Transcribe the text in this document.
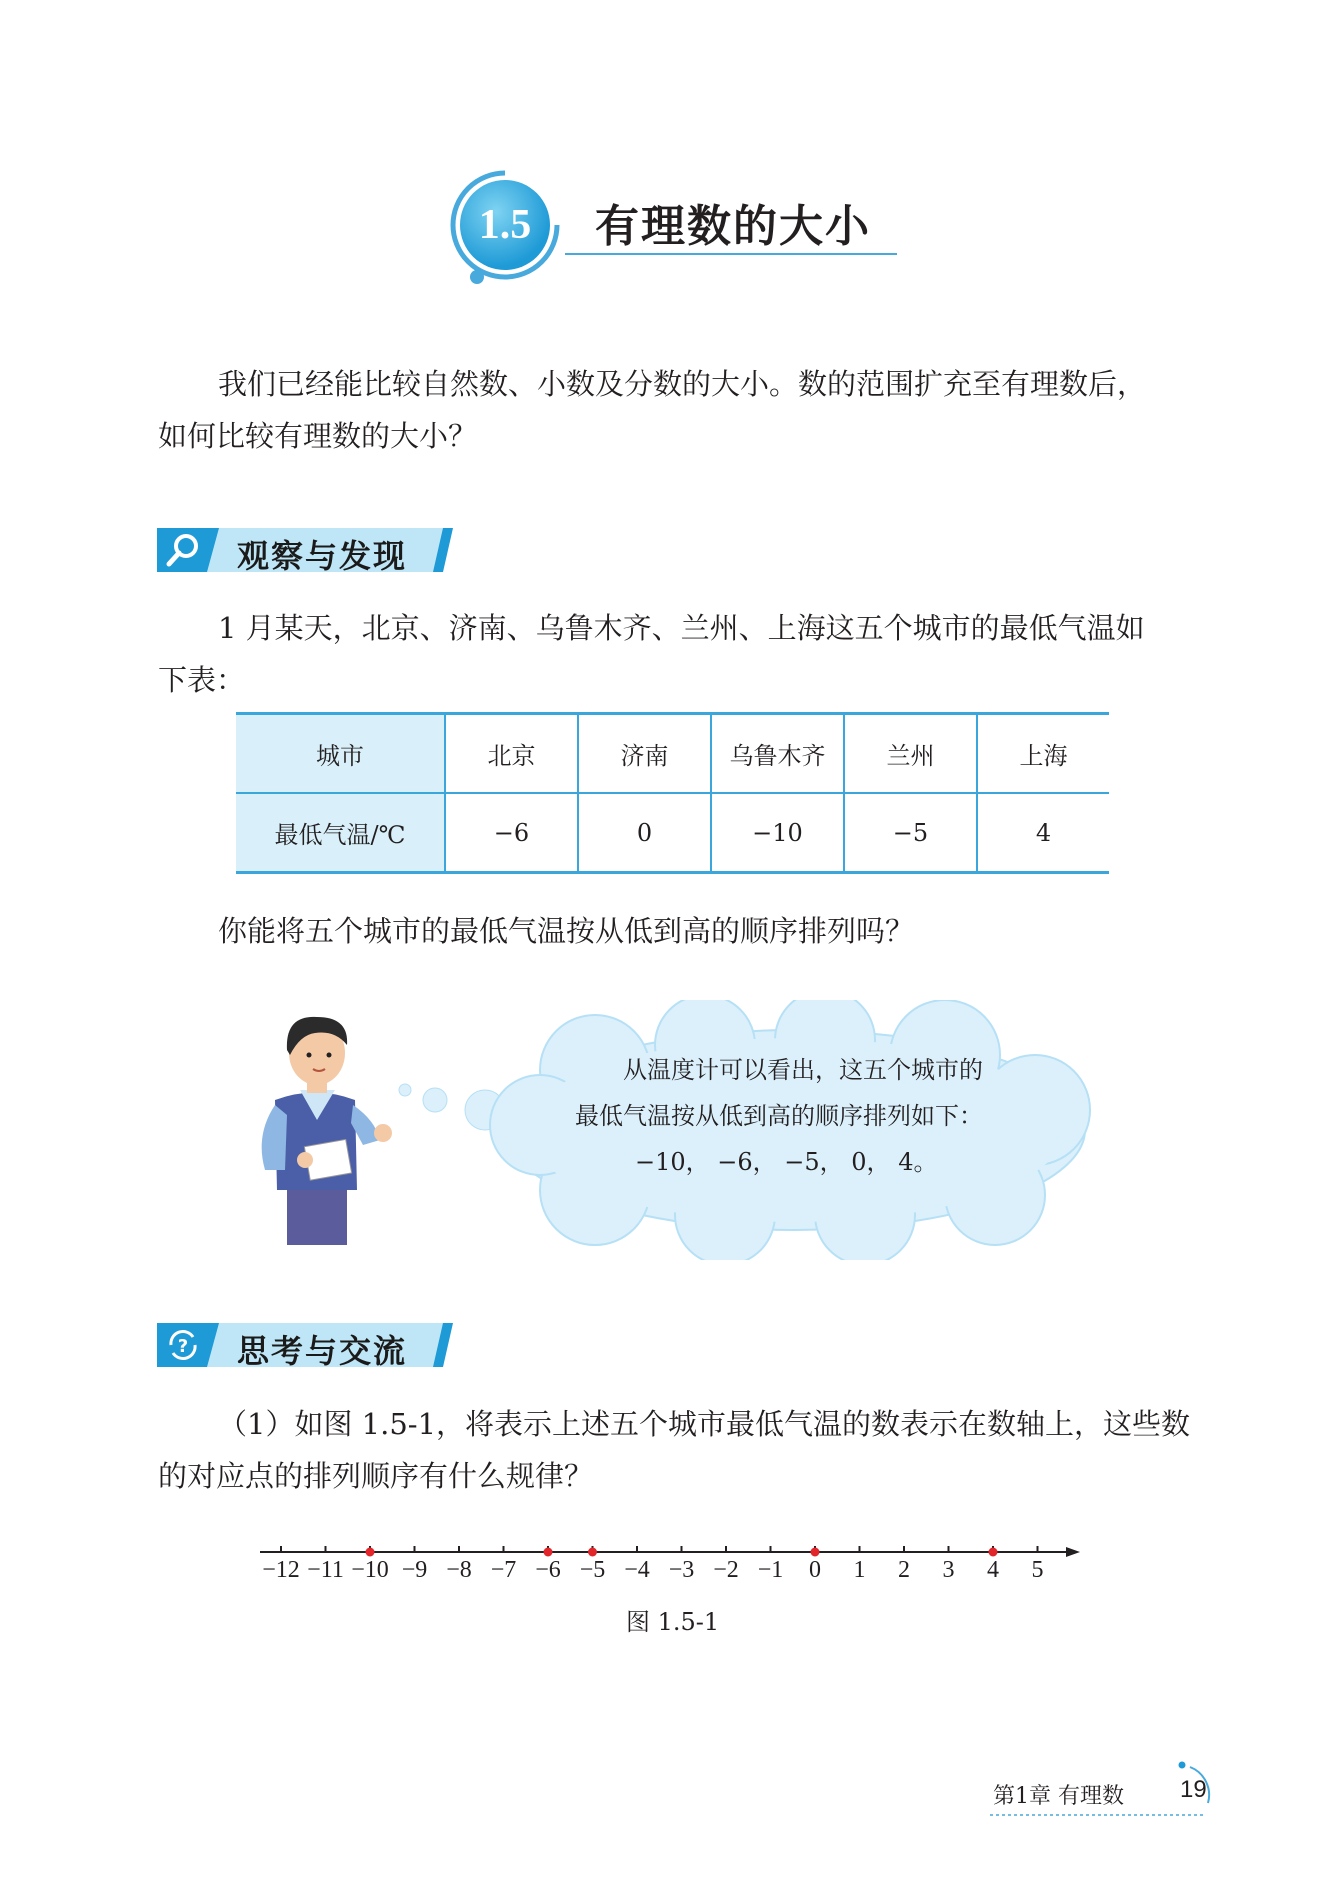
1.5	有理数的大小
我们已经能比较自然数、小数及分数的大小。数的范围扩充至有理数后，
如何比较有理数的大小？
观察与发现
1 月某天，北京、济南、乌鲁木齐、兰州、上海这五个城市的最低气温如
下表：
城市	北京	济南	乌鲁木齐	兰州	上海
最低气温/℃	−6	0	−10	−5	4
你能将五个城市的最低气温按从低到高的顺序排列吗？
从温度计可以看出，这五个城市的
最低气温按从低到高的顺序排列如下：
−10， −6， −5， 0， 4。
? 思考与交流
（1）如图 1.5-1，将表示上述五个城市最低气温的数表示在数轴上，这些数
的对应点的排列顺序有什么规律？
−12 −11 −10 −9 −8 −7 −6 −5 −4 −3 −2 −1 0 1 2 3 4 5
图 1.5-1
第1章 有理数 19
